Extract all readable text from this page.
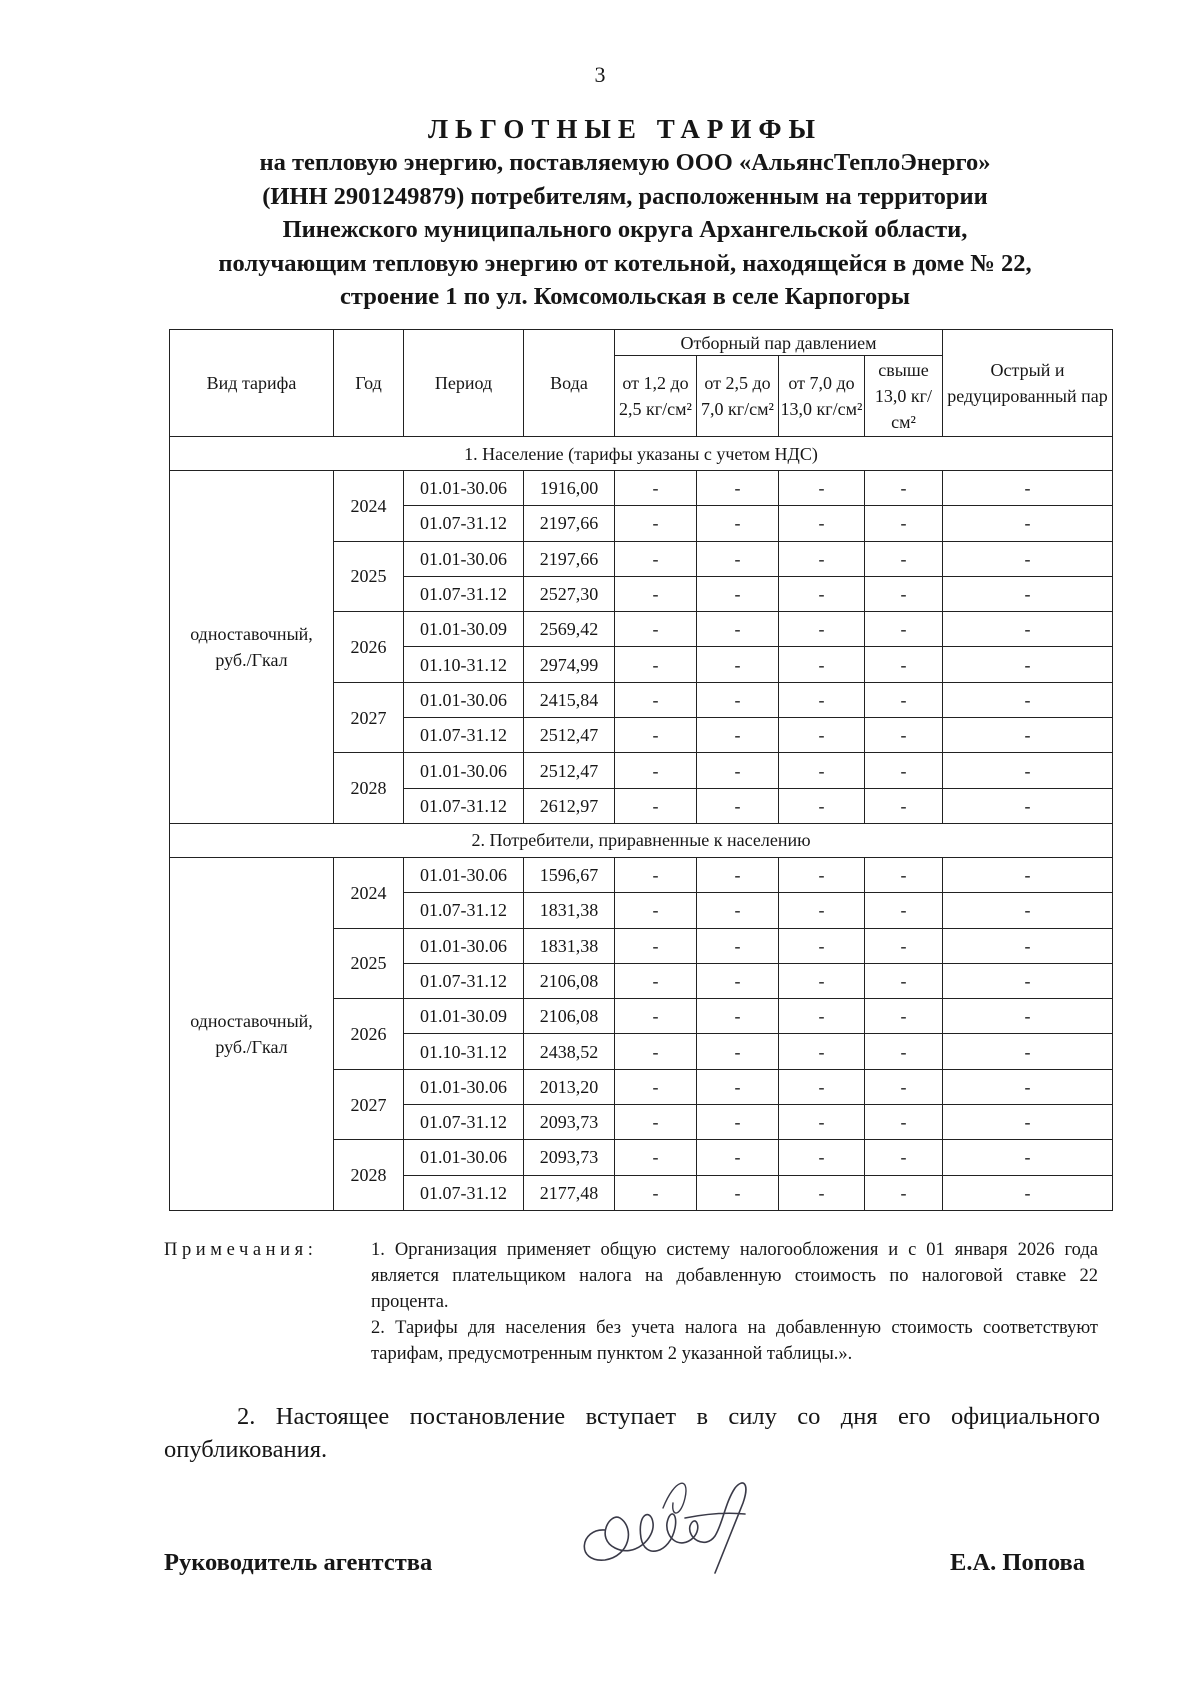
3
ЛЬГОТНЫЕ ТАРИФЫ
на тепловую энергию, поставляемую ООО «АльянсТеплоЭнерго»
(ИНН 2901249879) потребителям, расположенным на территории
Пинежского муниципального округа Архангельской области,
получающим тепловую энергию от котельной, находящейся в доме № 22,
строение 1 по ул. Комсомольская в селе Карпогоры
Вид тарифа	Год	Период	Вода	Отборный пар давлением				Острый и редуцированный пар
				от 1,2 до 2,5 кг/см²	от 2,5 до 7,0 кг/см²	от 7,0 до 13,0 кг/см²	свыше 13,0 кг/см²	
1. Население (тарифы указаны с учетом НДС)								
одноставочный, руб./Гкал	2024	01.01-30.06	1916,00	-	-	-	-	-
		01.07-31.12	2197,66	-	-	-	-	-
	2025	01.01-30.06	2197,66	-	-	-	-	-
		01.07-31.12	2527,30	-	-	-	-	-
	2026	01.01-30.09	2569,42	-	-	-	-	-
		01.10-31.12	2974,99	-	-	-	-	-
	2027	01.01-30.06	2415,84	-	-	-	-	-
		01.07-31.12	2512,47	-	-	-	-	-
	2028	01.01-30.06	2512,47	-	-	-	-	-
		01.07-31.12	2612,97	-	-	-	-	-
2. Потребители, приравненные к населению								
одноставочный, руб./Гкал	2024	01.01-30.06	1596,67	-	-	-	-	-
		01.07-31.12	1831,38	-	-	-	-	-
	2025	01.01-30.06	1831,38	-	-	-	-	-
		01.07-31.12	2106,08	-	-	-	-	-
	2026	01.01-30.09	2106,08	-	-	-	-	-
		01.10-31.12	2438,52	-	-	-	-	-
	2027	01.01-30.06	2013,20	-	-	-	-	-
		01.07-31.12	2093,73	-	-	-	-	-
	2028	01.01-30.06	2093,73	-	-	-	-	-
		01.07-31.12	2177,48	-	-	-	-	-
Примечания:	1. Организация применяет общую систему налогообложения и с 01 января 2026 года является плательщиком налога на добавленную стоимость по налоговой ставке 22 процента.
2. Тарифы для населения без учета налога на добавленную стоимость соответствуют тарифам, предусмотренным пунктом 2 указанной таблицы.».
2. Настоящее постановление вступает в силу со дня его официального опубликования.
Руководитель агентства	Е.А. Попова
